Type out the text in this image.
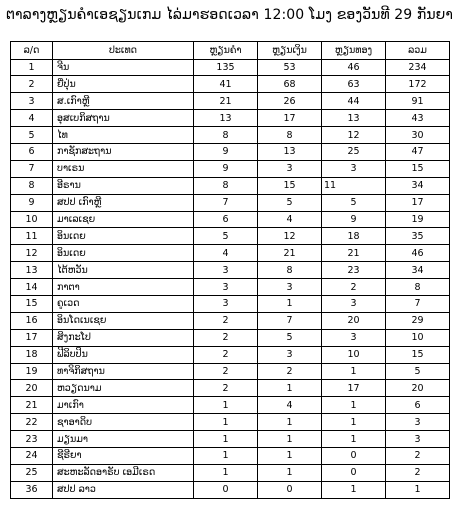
ຕາລາງຫຼຽນຄຳເອຊຽນເກມ ໄລ່ມາຮອດເວລາ 12:00 ໂມງ ຂອງວັນທີ 29 ກັນຍາ
ລ/ດ	ປະເທດ	ຫຼຽນຄຳ	ຫຼຽນເງິນ	ຫຼຽນທອງ	ລວມ
1	ຈີນ	135	53	46	234
2	ຍີ່ປຸ່ນ	41	68	63	172
3	ສ.ເກົາຫຼີ	21	26	44	91
4	ອຸສເບກິສຖານ	13	17	13	43
5	ໄທ	8	8	12	30
6	ກາຊັກສະຖານ	9	13	25	47
7	ບາເຣນ	9	3	3	15
8	ອີຣານ	8	15	11	34
9	ສປປ ເກົາຫຼີ	7	5	5	17
10	ມາເລເຊຍ	6	4	9	19
11	ອິນເດຍ	5	12	18	35
12	ອິນເດຍ	4	21	21	46
13	ໄຕ້ຫວັນ	3	8	23	34
14	ກາຕາ	3	3	2	8
15	ຄູເວດ	3	1	3	7
16	ອິນໂດເນເຊຍ	2	7	20	29
17	ສິງກະໂປ	2	5	3	10
18	ຟີລິບປິນ	2	3	10	15
19	ທາຈິກິສຖານ	2	2	1	5
20	ຫວຽດນາມ	2	1	17	20
21	ມາເກົາ	1	4	1	6
22	ຊາອາດິບ	1	1	1	3
23	ມຽນມາ	1	1	1	3
24	ຊີຣີຍາ	1	1	0	2
25	ສະຫະລັດອາຣັບ ເອມີເຣດ	1	1	0	2
36	ສປປ ລາວ	0	0	1	1
